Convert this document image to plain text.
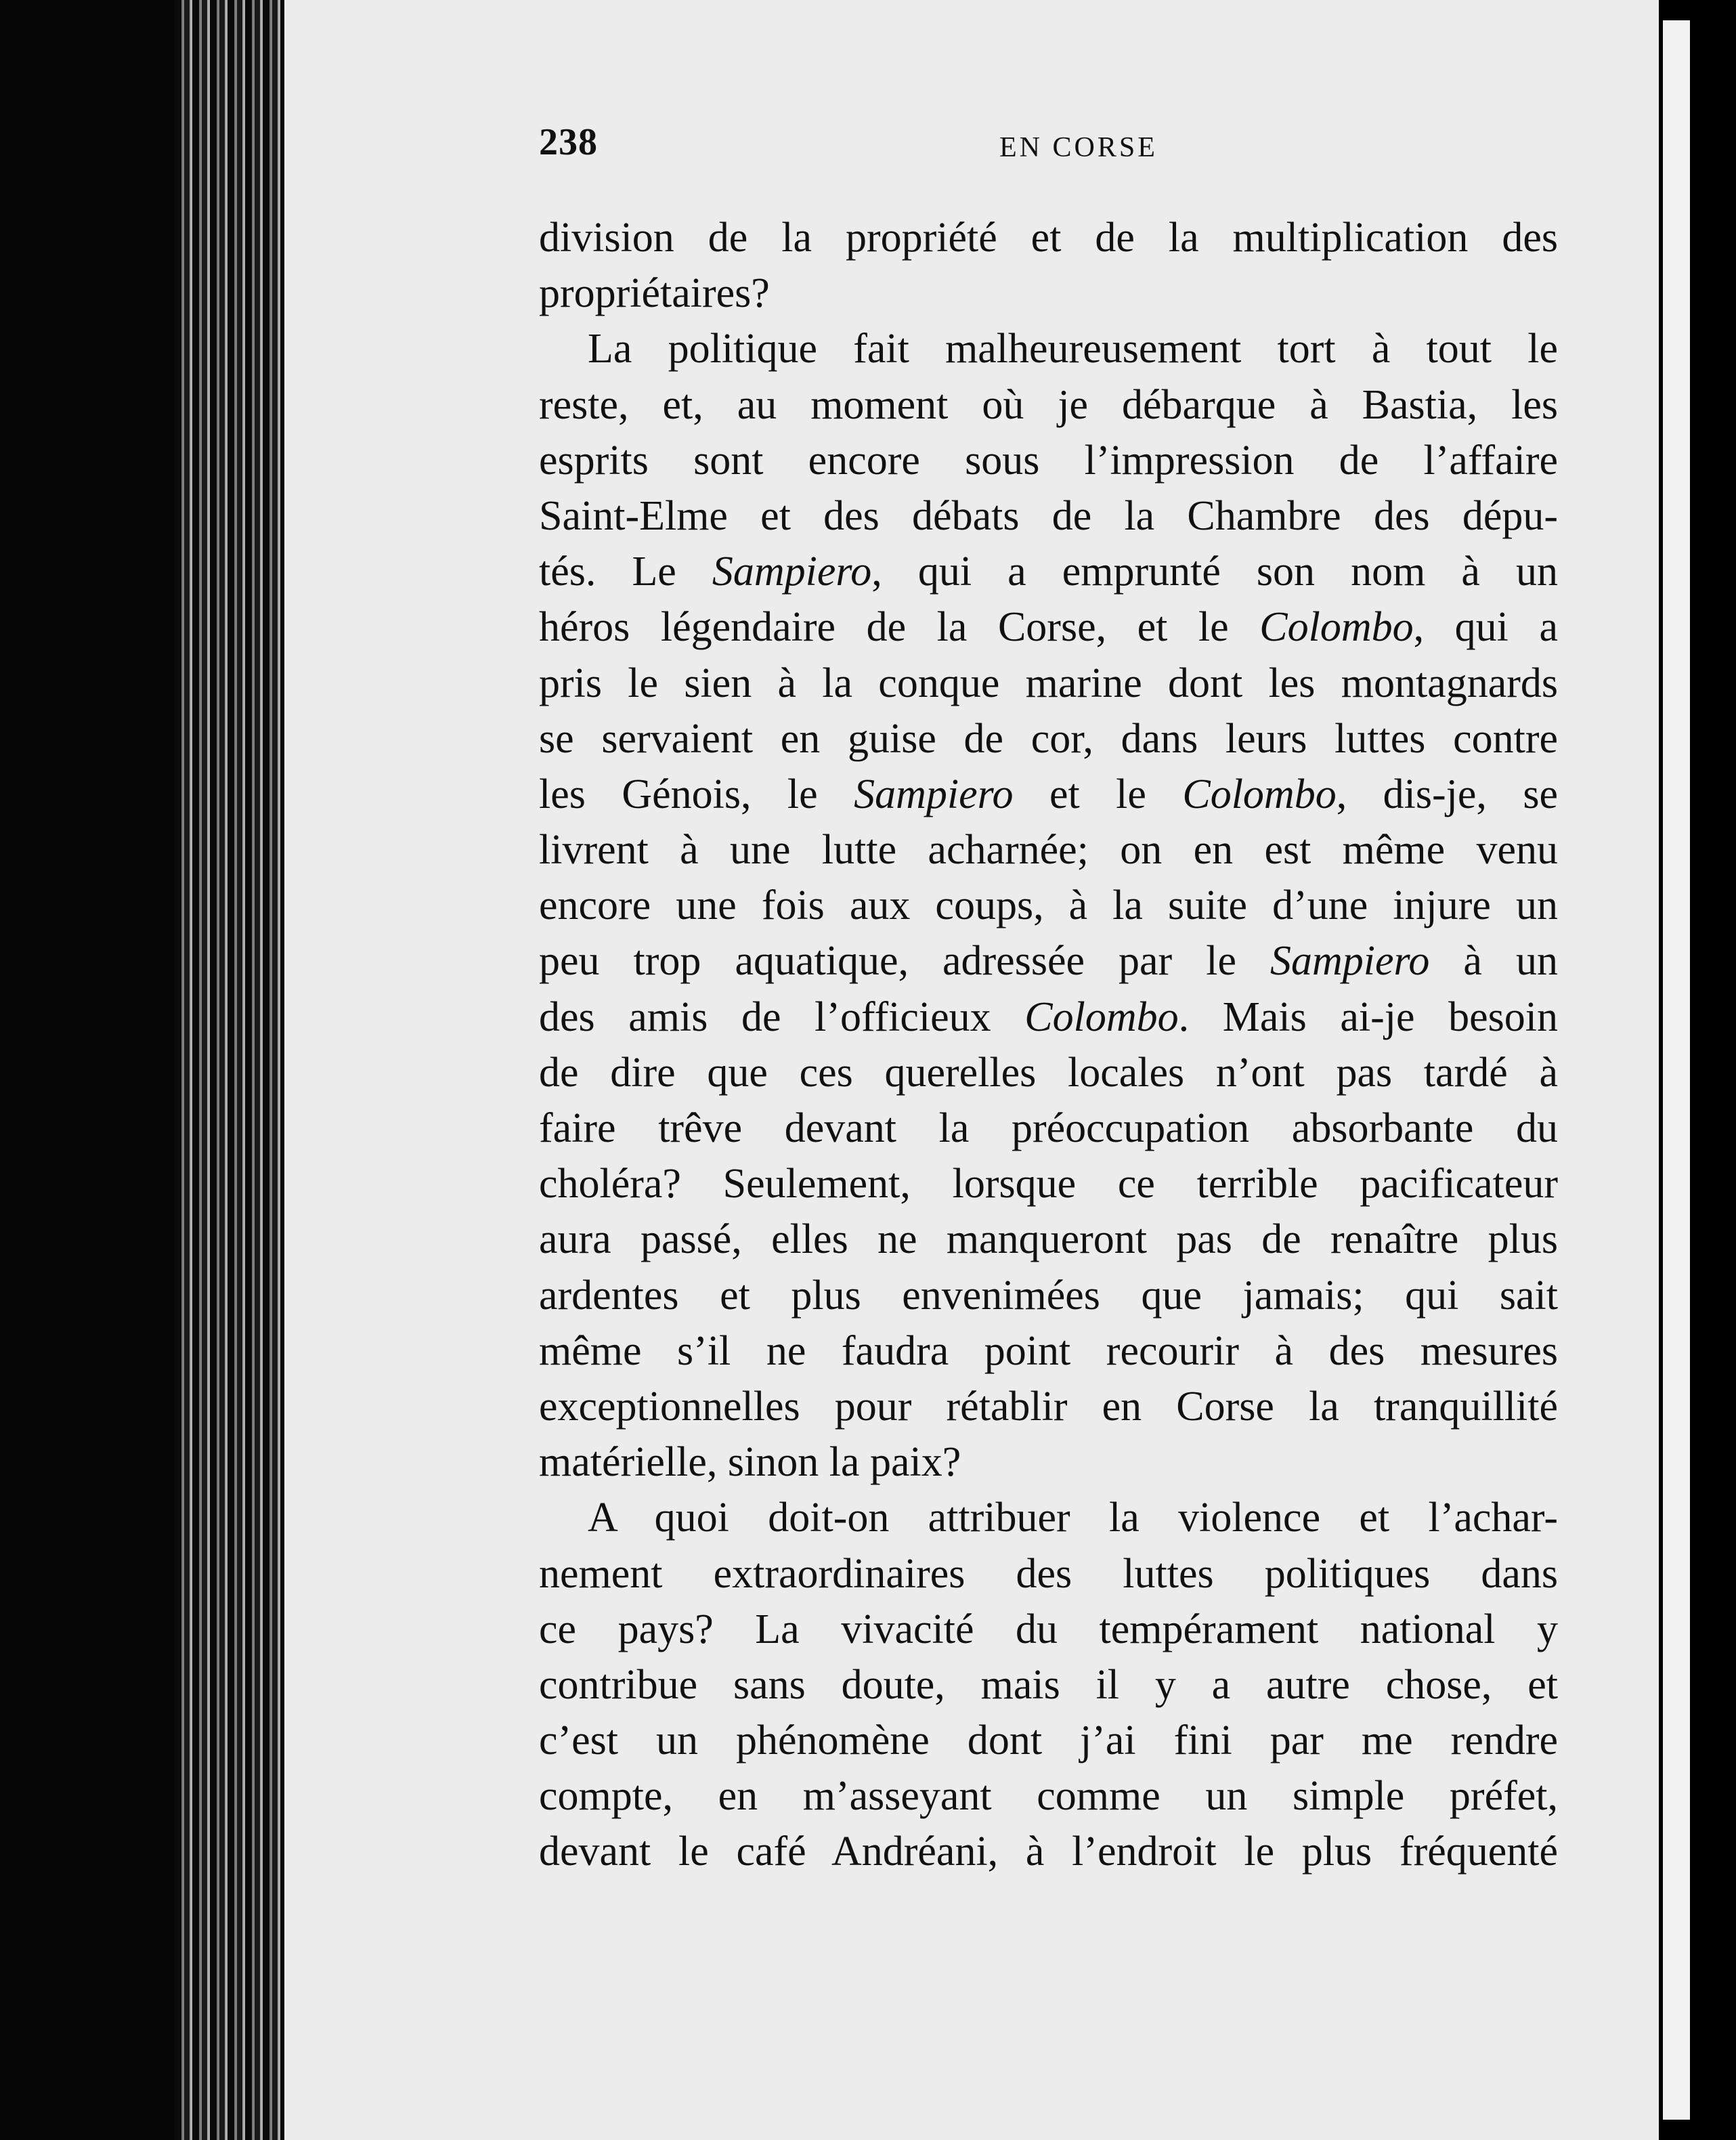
238	EN CORSE
division de la propriété et de la multiplication des
propriétaires?
La politique fait malheureusement tort à tout le
reste, et, au moment où je débarque à Bastia, les
esprits sont encore sous l’impression de l’affaire
Saint-Elme et des débats de la Chambre des dépu-
tés. Le Sampiero, qui a emprunté son nom à un
héros légendaire de la Corse, et le Colombo, qui a
pris le sien à la conque marine dont les montagnards
se servaient en guise de cor, dans leurs luttes contre
les Génois, le Sampiero et le Colombo, dis-je, se
livrent à une lutte acharnée; on en est même venu
encore une fois aux coups, à la suite d’une injure un
peu trop aquatique, adressée par le Sampiero à un
des amis de l’officieux Colombo. Mais ai-je besoin
de dire que ces querelles locales n’ont pas tardé à
faire trêve devant la préoccupation absorbante du
choléra? Seulement, lorsque ce terrible pacificateur
aura passé, elles ne manqueront pas de renaître plus
ardentes et plus envenimées que jamais; qui sait
même s’il ne faudra point recourir à des mesures
exceptionnelles pour rétablir en Corse la tranquillité
matérielle, sinon la paix?
A quoi doit-on attribuer la violence et l’achar-
nement extraordinaires des luttes politiques dans
ce pays? La vivacité du tempérament national y
contribue sans doute, mais il y a autre chose, et
c’est un phénomène dont j’ai fini par me rendre
compte, en m’asseyant comme un simple préfet,
devant le café Andréani, à l’endroit le plus fréquenté
